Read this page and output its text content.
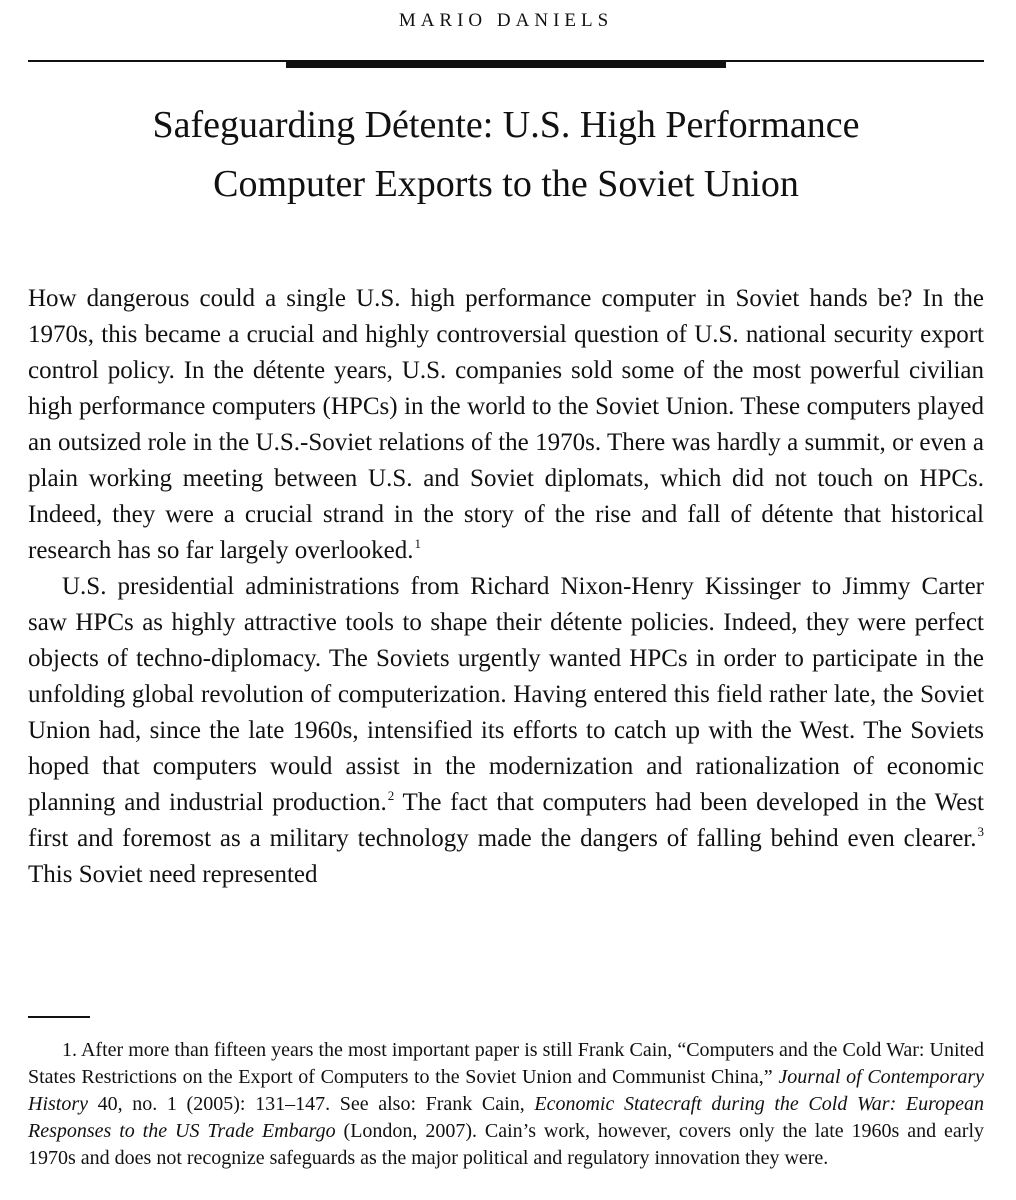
MARIO DANIELS
Safeguarding Détente: U.S. High Performance
Computer Exports to the Soviet Union

How dangerous could a single U.S. high performance computer in Soviet hands be? In the 1970s, this became a crucial and highly controversial question of U.S. national security export control policy. In the détente years, U.S. companies sold some of the most powerful civilian high performance computers (HPCs) in the world to the Soviet Union. These computers played an outsized role in the U.S.-Soviet relations of the 1970s. There was hardly a summit, or even a plain working meeting between U.S. and Soviet diplomats, which did not touch on HPCs. Indeed, they were a crucial strand in the story of the rise and fall of détente that historical research has so far largely overlooked.$^1$

U.S. presidential administrations from Richard Nixon-Henry Kissinger to Jimmy Carter saw HPCs as highly attractive tools to shape their détente policies. Indeed, they were perfect objects of techno-diplomacy. The Soviets urgently wanted HPCs in order to participate in the unfolding global revolution of computerization. Having entered this field rather late, the Soviet Union had, since the late 1960s, intensified its efforts to catch up with the West. The Soviets hoped that computers would assist in the modernization and rationalization of economic planning and industrial production.$^2$ The fact that computers had been developed in the West first and foremost as a military technology made the dangers of falling behind even clearer.$^3$ This Soviet need represented

1. After more than fifteen years the most important paper is still Frank Cain, “Computers and the Cold War: United States Restrictions on the Export of Computers to the Soviet Union and Communist China,” Journal of Contemporary History 40, no. 1 (2005): 131–147. See also: Frank Cain, Economic Statecraft during the Cold War: European Responses to the US Trade Embargo (London, 2007). Cain’s work, however, covers only the late 1960s and early 1970s and does not recognize safeguards as the major political and regulatory innovation they were.
